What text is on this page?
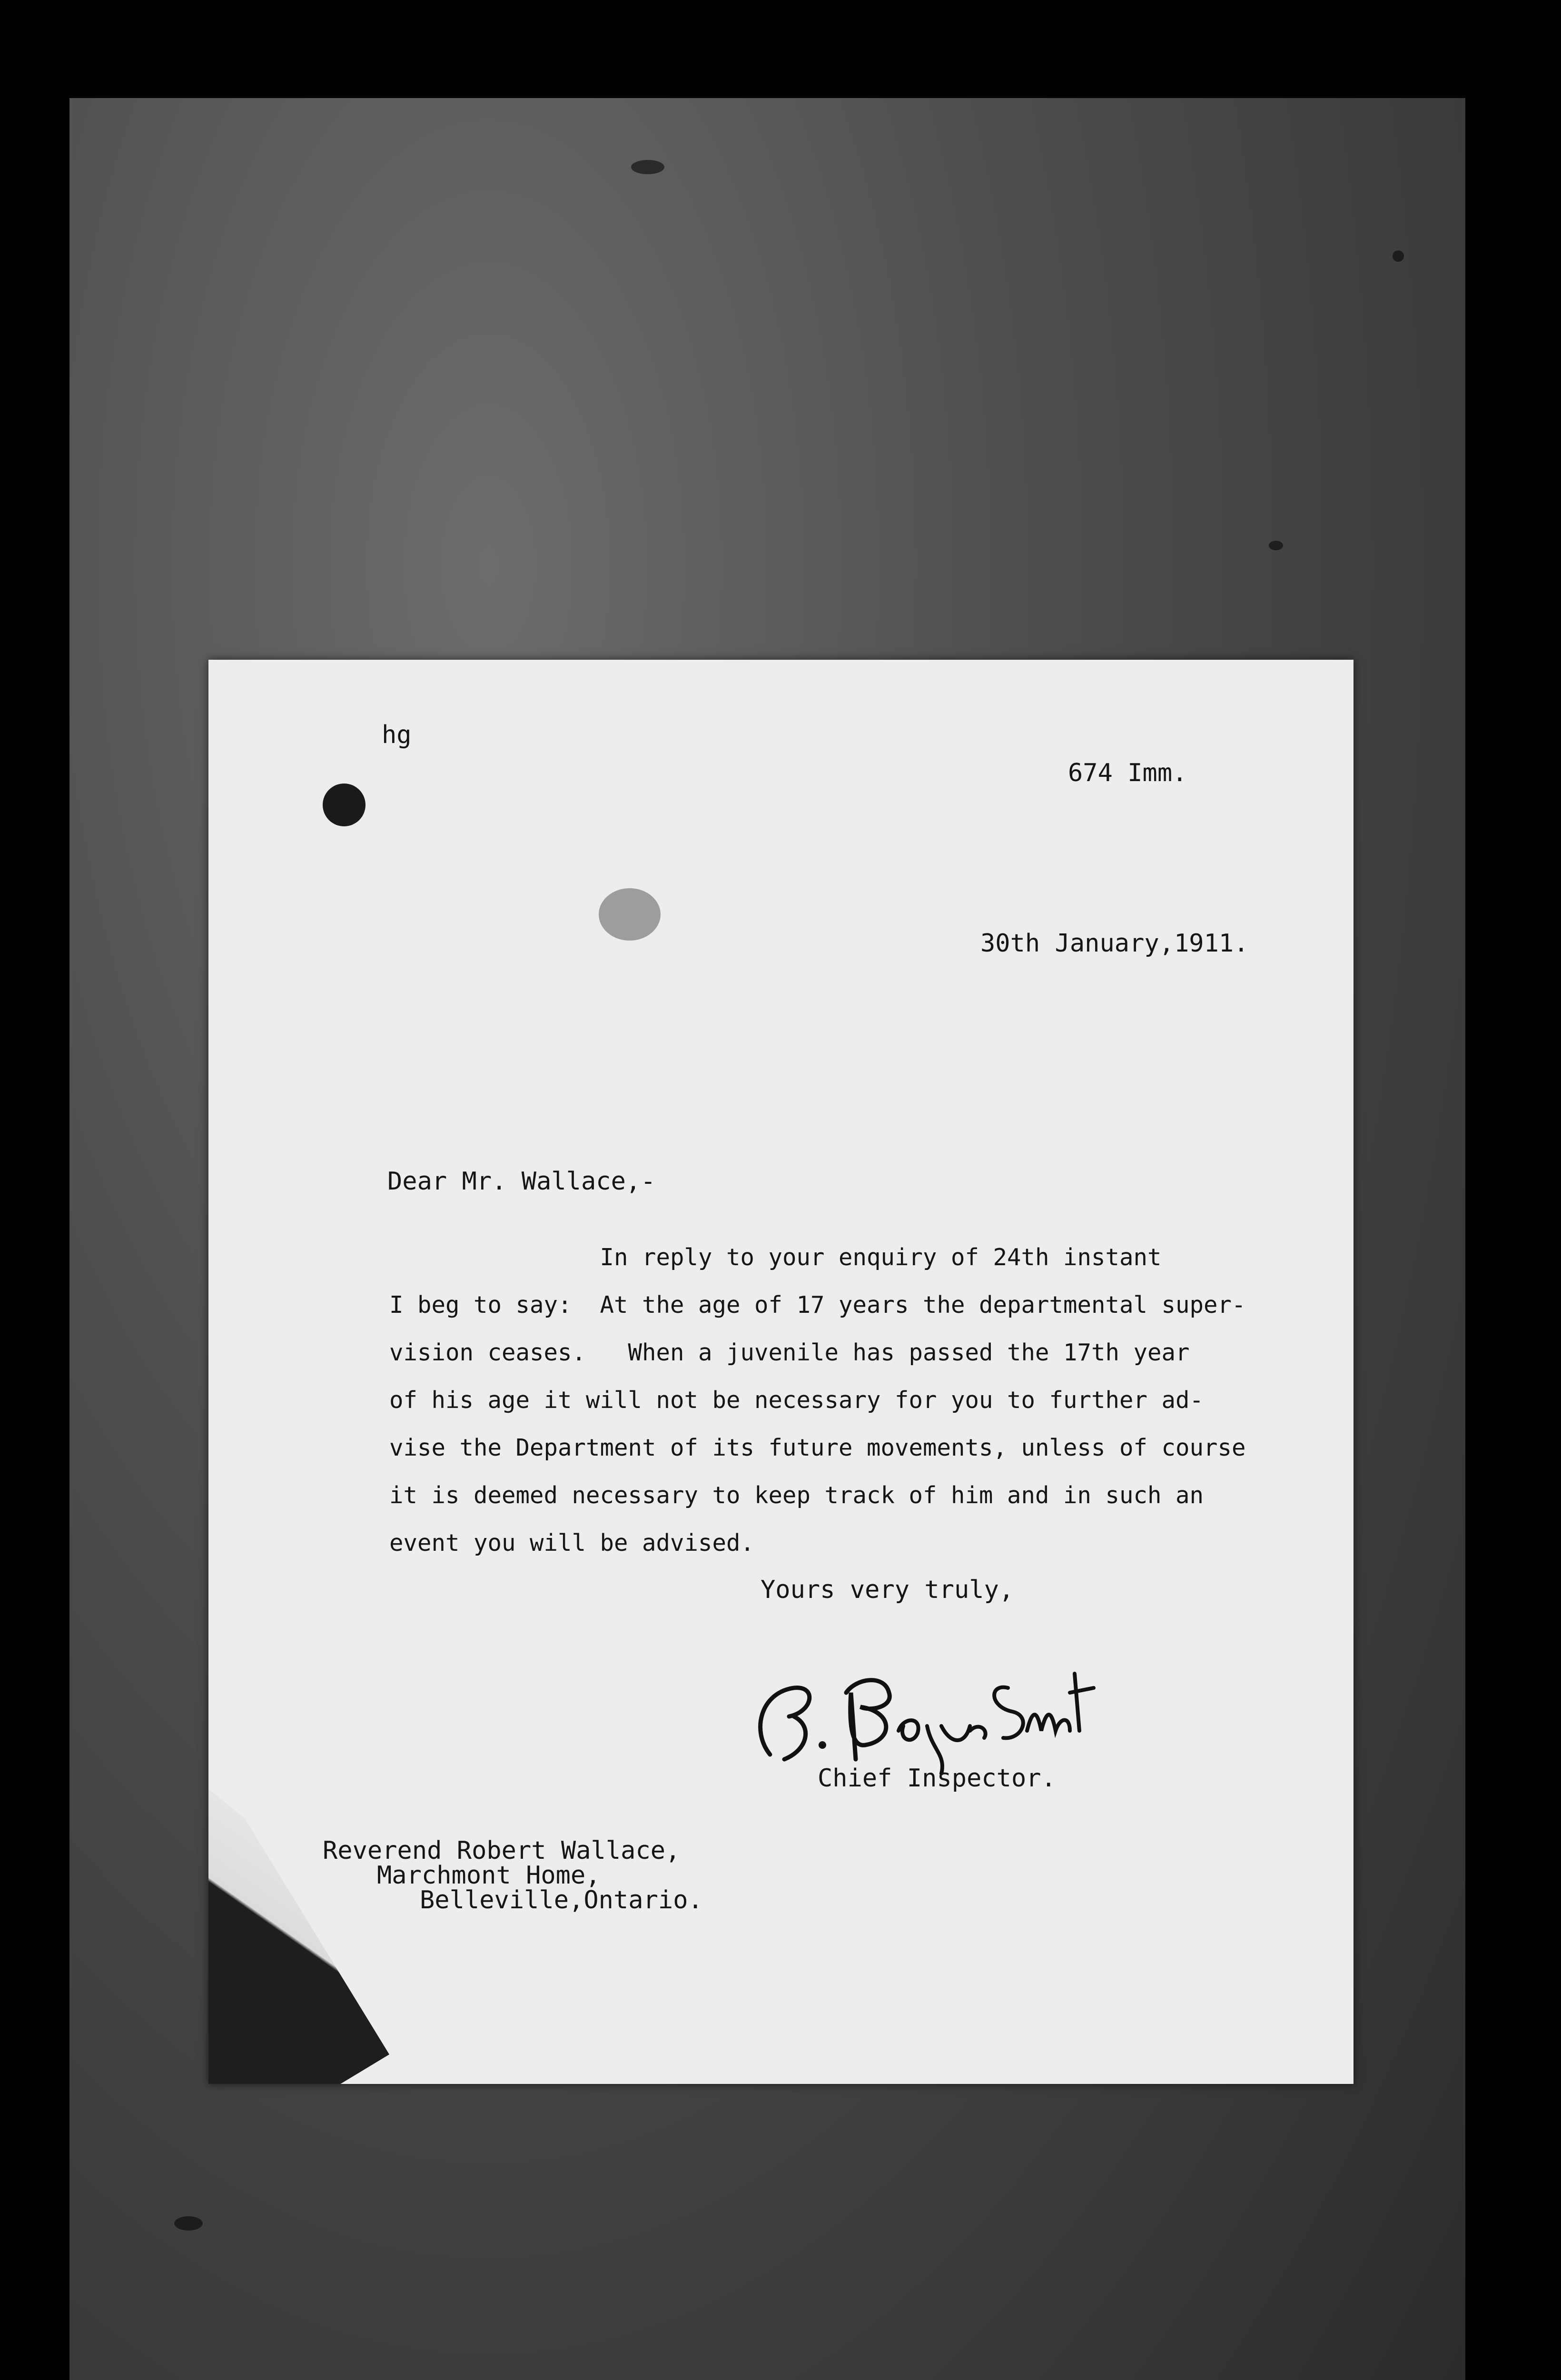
hg
674 Imm.
30th January,1911.
Dear Mr. Wallace,-
In reply to your enquiry of 24th instant
I beg to say:  At the age of 17 years the departmental super-
vision ceases.   When a juvenile has passed the 17th year
of his age it will not be necessary for you to further ad-
vise the Department of its future movements, unless of course
it is deemed necessary to keep track of him and in such an
event you will be advised.
Yours very truly,
Chief Inspector.
Reverend Robert Wallace,
Marchmont Home,
Belleville,Ontario.
